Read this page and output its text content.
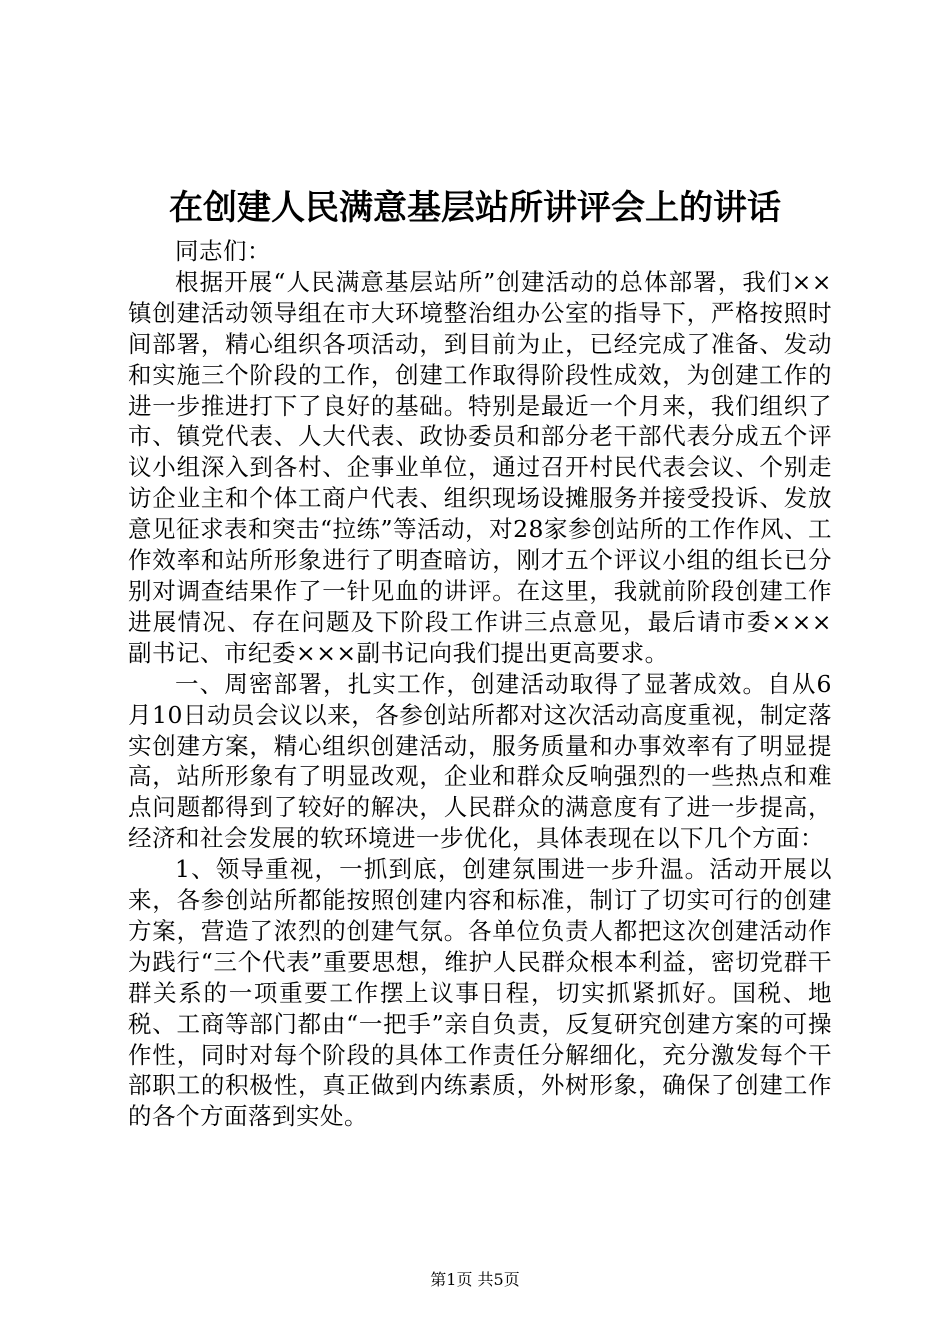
在创建人民满意基层站所讲评会上的讲话

同志们：

根据开展“人民满意基层站所”创建活动的总体部署，我们××镇创建活动领导组在市大环境整治组办公室的指导下，严格按照时间部署，精心组织各项活动，到目前为止，已经完成了准备、发动和实施三个阶段的工作，创建工作取得阶段性成效，为创建工作的进一步推进打下了良好的基础。特别是最近一个月来，我们组织了市、镇党代表、人大代表、政协委员和部分老干部代表分成五个评议小组深入到各村、企事业单位，通过召开村民代表会议、个别走访企业主和个体工商户代表、组织现场设摊服务并接受投诉、发放意见征求表和突击“拉练”等活动，对28家参创站所的工作作风、工作效率和站所形象进行了明查暗访，刚才五个评议小组的组长已分别对调查结果作了一针见血的讲评。在这里，我就前阶段创建工作进展情况、存在问题及下阶段工作讲三点意见，最后请市委×××副书记、市纪委×××副书记向我们提出更高要求。

一、周密部署，扎实工作，创建活动取得了显著成效。自从6月10日动员会议以来，各参创站所都对这次活动高度重视，制定落实创建方案，精心组织创建活动，服务质量和办事效率有了明显提高，站所形象有了明显改观，企业和群众反响强烈的一些热点和难点问题都得到了较好的解决，人民群众的满意度有了进一步提高，经济和社会发展的软环境进一步优化，具体表现在以下几个方面：

1、领导重视，一抓到底，创建氛围进一步升温。活动开展以来，各参创站所都能按照创建内容和标准，制订了切实可行的创建方案，营造了浓烈的创建气氛。各单位负责人都把这次创建活动作为践行“三个代表”重要思想，维护人民群众根本利益，密切党群干群关系的一项重要工作摆上议事日程，切实抓紧抓好。国税、地税、工商等部门都由“一把手”亲自负责，反复研究创建方案的可操作性，同时对每个阶段的具体工作责任分解细化，充分激发每个干部职工的积极性，真正做到内练素质，外树形象，确保了创建工作的各个方面落到实处。

第1页 共5页
